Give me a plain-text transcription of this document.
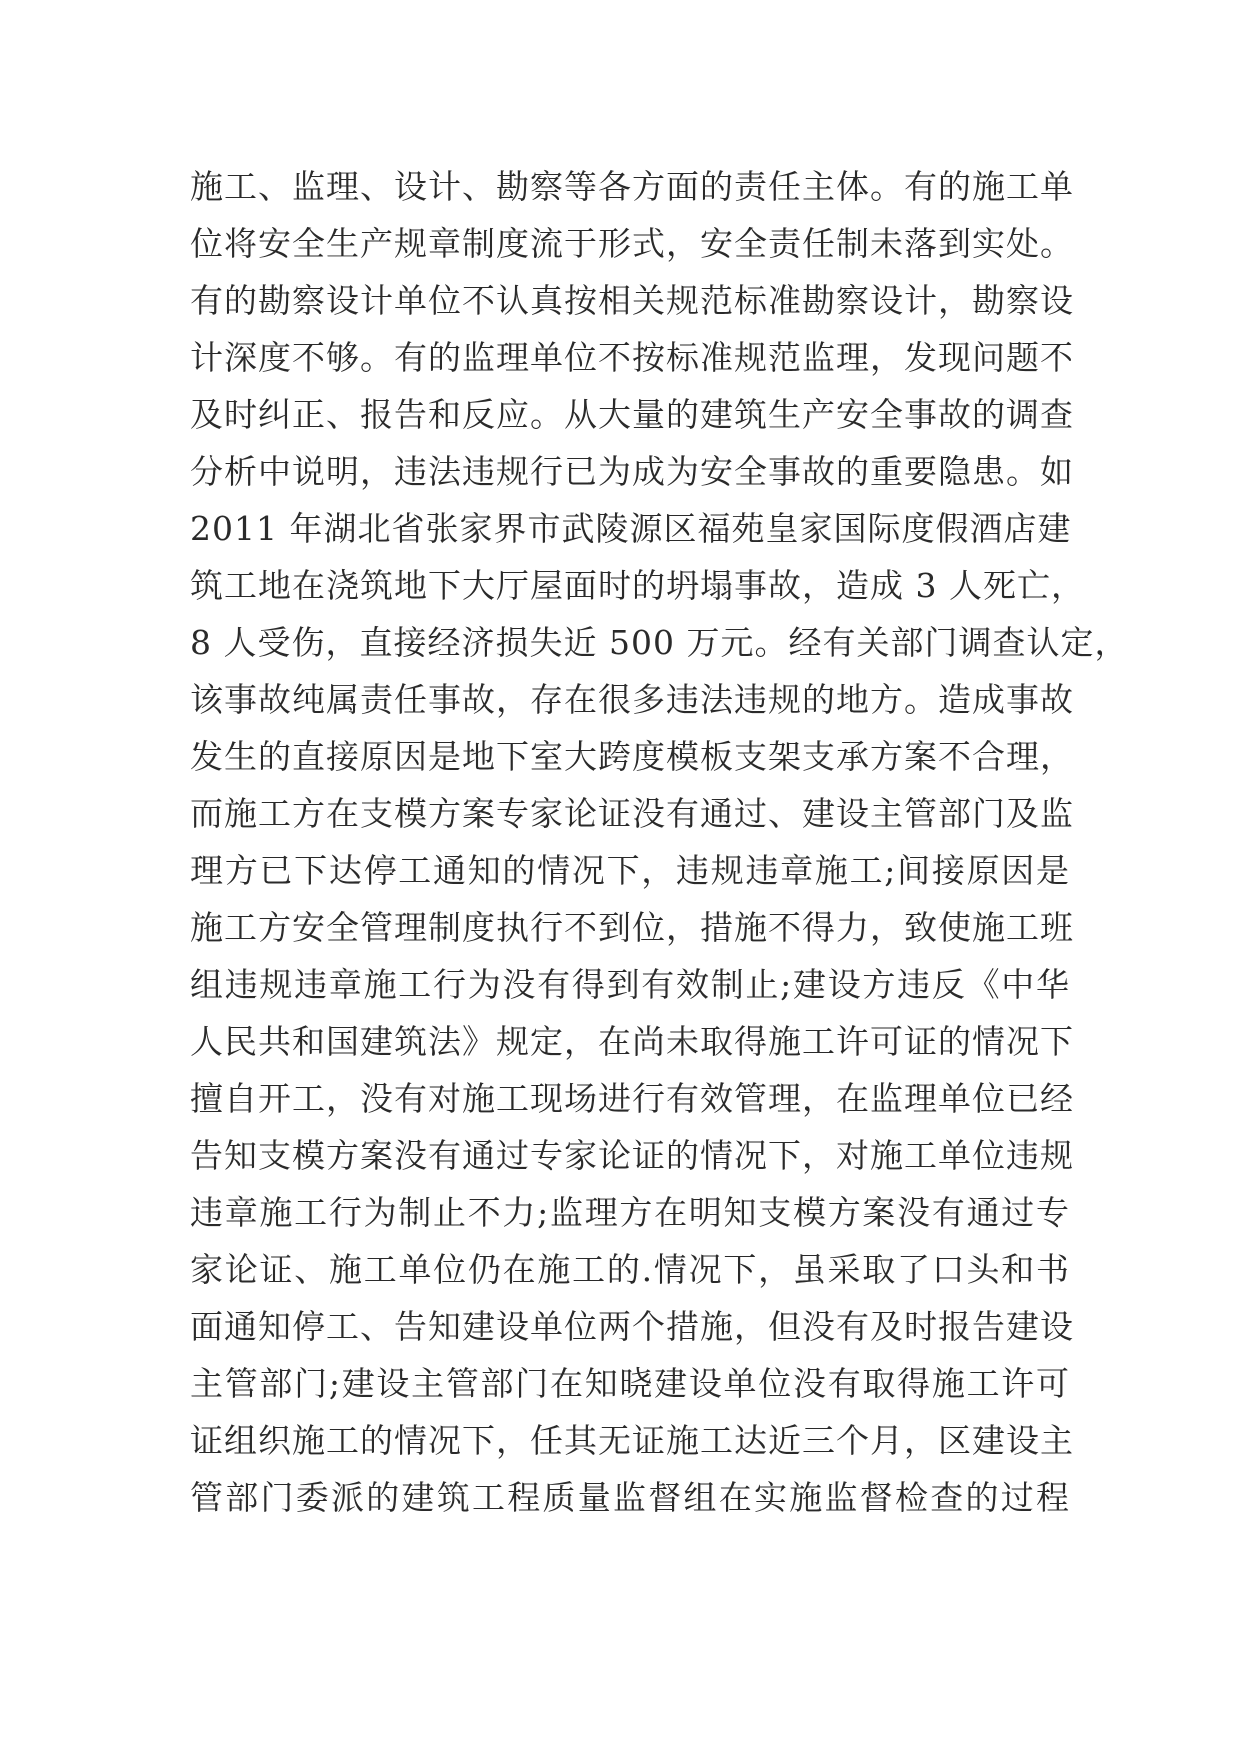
施工、监理、设计、勘察等各方面的责任主体。有的施工单
位将安全生产规章制度流于形式，安全责任制未落到实处。
有的勘察设计单位不认真按相关规范标准勘察设计，勘察设
计深度不够。有的监理单位不按标准规范监理，发现问题不
及时纠正、报告和反应。从大量的建筑生产安全事故的调查
分析中说明，违法违规行已为成为安全事故的重要隐患。如
2011 年湖北省张家界市武陵源区福苑皇家国际度假酒店建
筑工地在浇筑地下大厅屋面时的坍塌事故，造成 3 人死亡，
8 人受伤，直接经济损失近 500 万元。经有关部门调查认定，
该事故纯属责任事故，存在很多违法违规的地方。造成事故
发生的直接原因是地下室大跨度模板支架支承方案不合理，
而施工方在支模方案专家论证没有通过、建设主管部门及监
理方已下达停工通知的情况下，违规违章施工;间接原因是
施工方安全管理制度执行不到位，措施不得力，致使施工班
组违规违章施工行为没有得到有效制止;建设方违反《中华
人民共和国建筑法》规定，在尚未取得施工许可证的情况下
擅自开工，没有对施工现场进行有效管理，在监理单位已经
告知支模方案没有通过专家论证的情况下，对施工单位违规
违章施工行为制止不力;监理方在明知支模方案没有通过专
家论证、施工单位仍在施工的.情况下，虽采取了口头和书
面通知停工、告知建设单位两个措施，但没有及时报告建设
主管部门;建设主管部门在知晓建设单位没有取得施工许可
证组织施工的情况下，任其无证施工达近三个月，区建设主
管部门委派的建筑工程质量监督组在实施监督检查的过程
